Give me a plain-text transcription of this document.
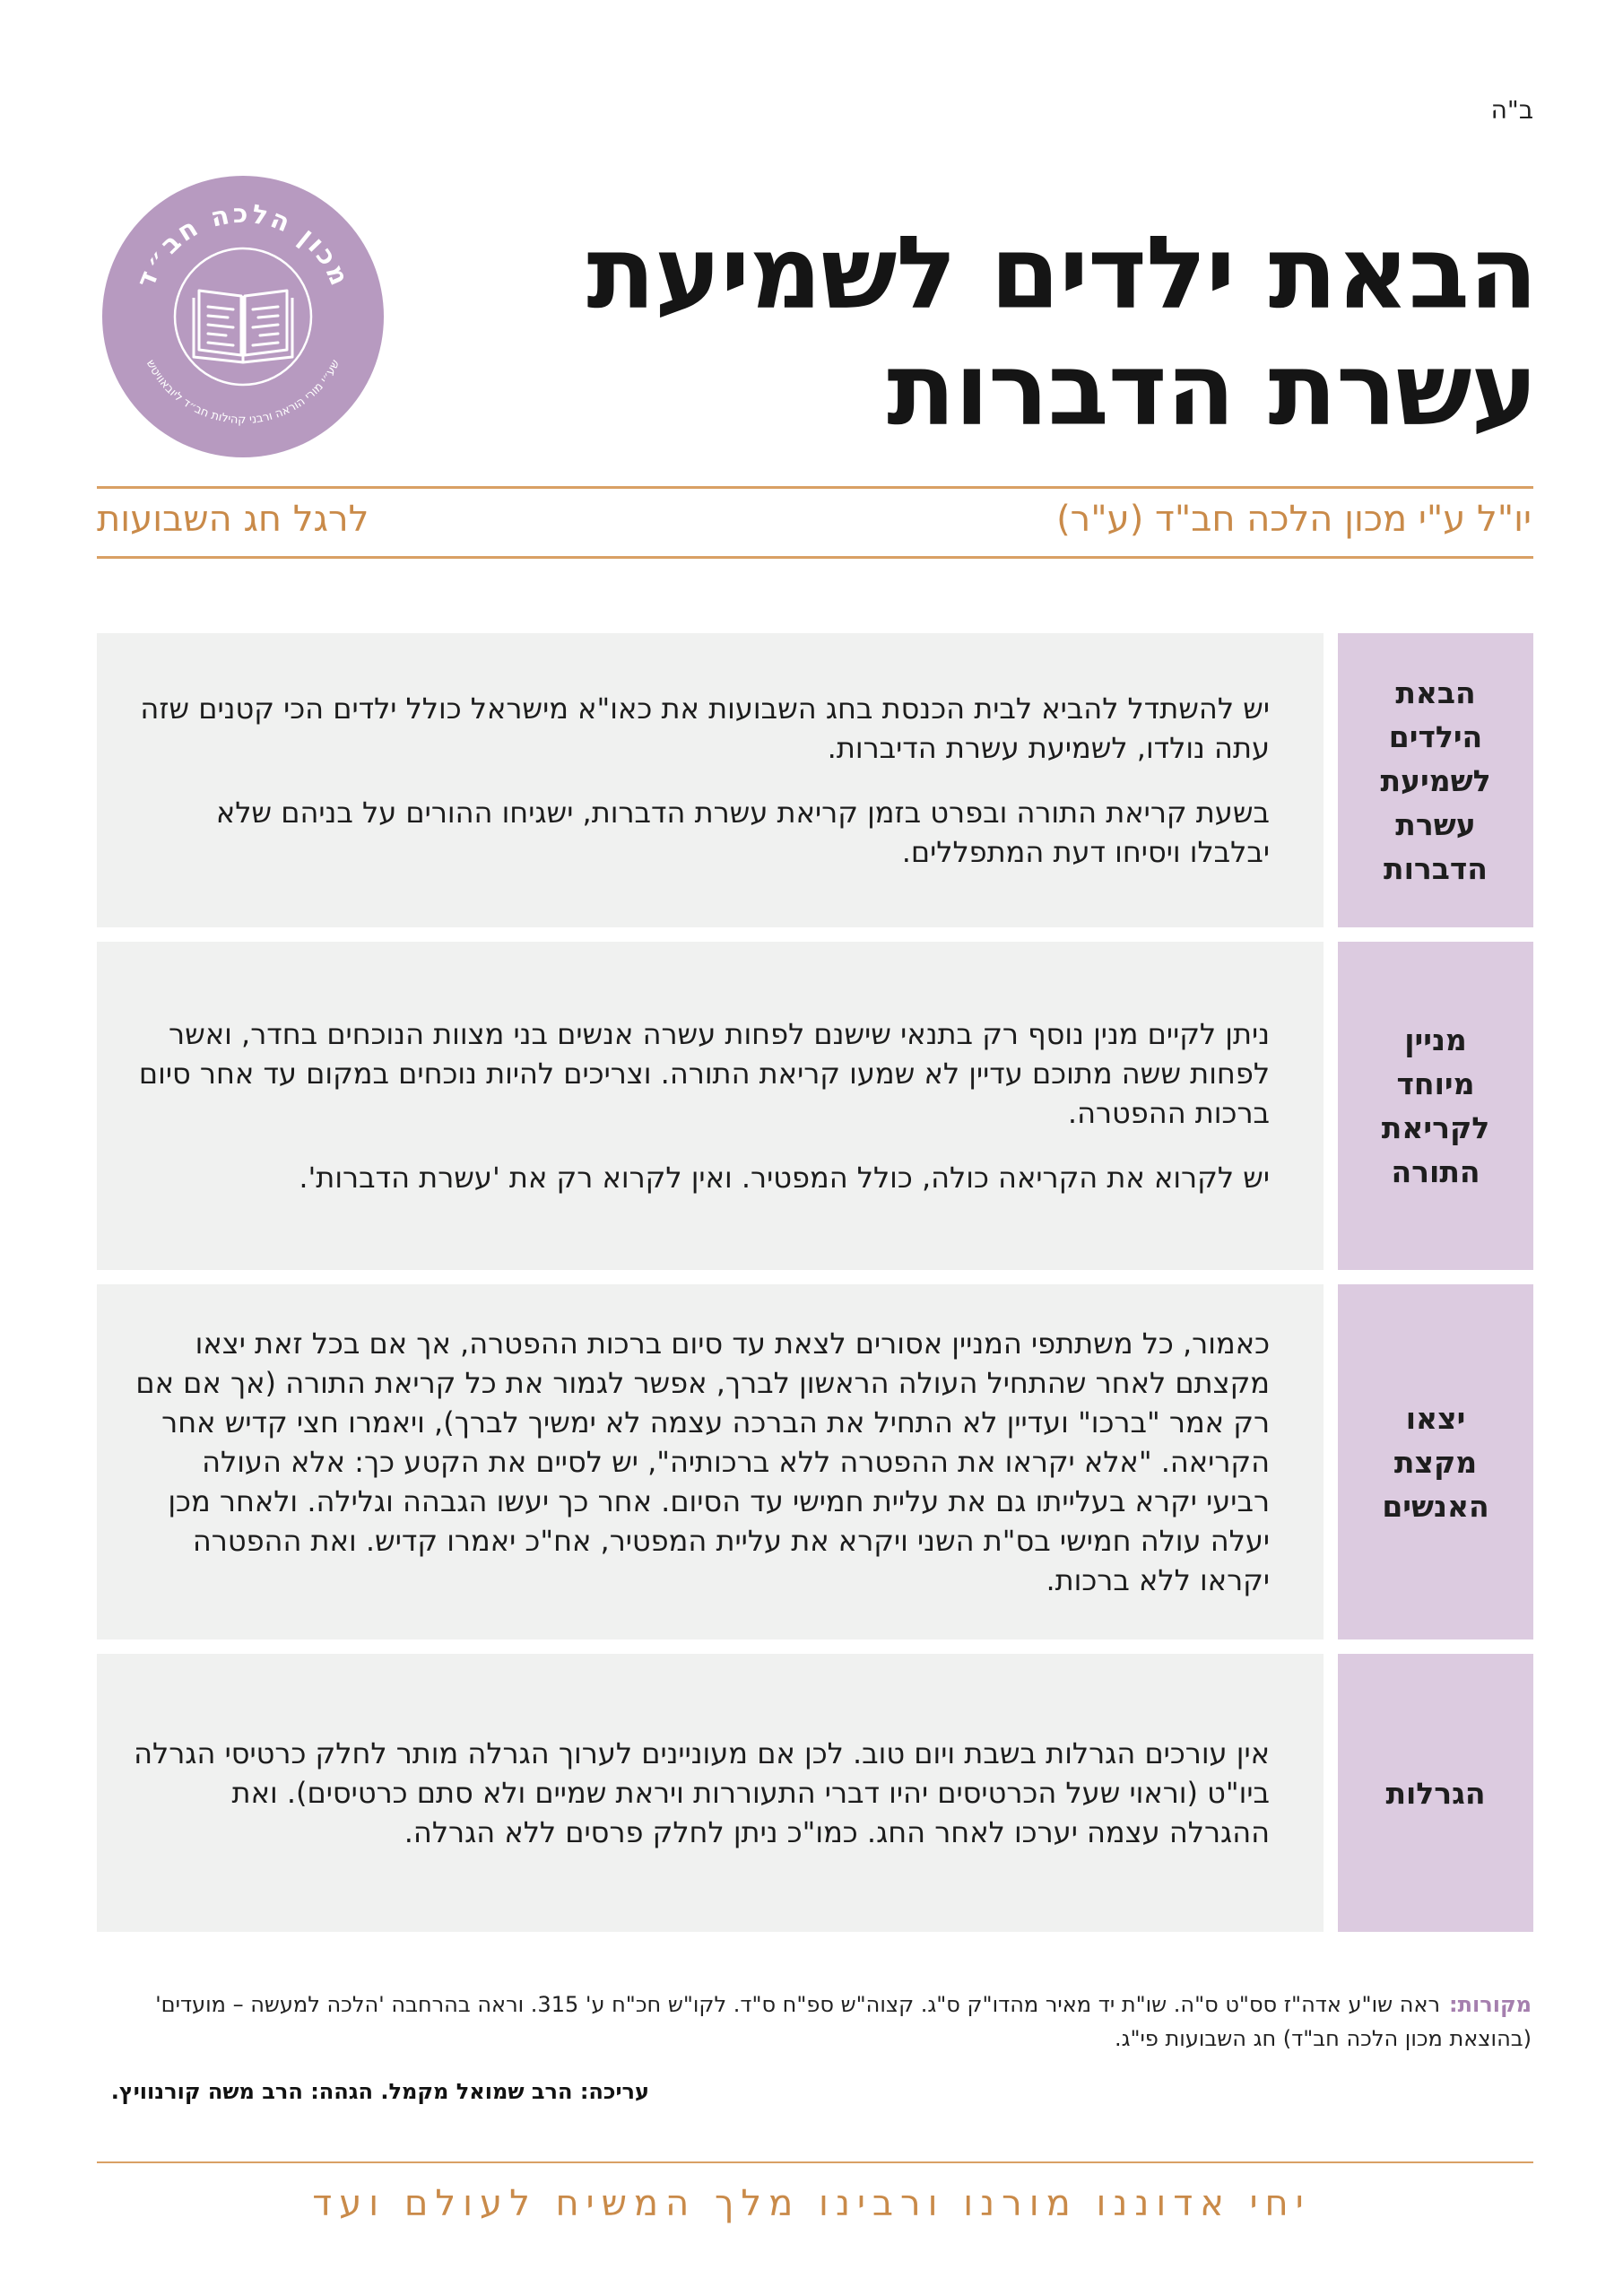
ב"ה
מכון הלכה חב״ד
שע״י מורי הוראה ורבני קהילות חב״ד ליובאוויטש
הבאת ילדים לשמיעת
עשרת הדברות
יו"ל ע"י מכון הלכה חב"ד (ע"ר)
לרגל חג השבועות
הבאת
הילדים
לשמיעת
עשרת
הדברות

יש להשתדל להביא לבית הכנסת בחג השבועות את כאו"א מישראל כולל ילדים הכי קטנים שזה עתה נולדו, לשמיעת עשרת הדיברות.

בשעת קריאת התורה ובפרט בזמן קריאת עשרת הדברות, ישגיחו ההורים על בניהם שלא יבלבלו ויסיחו דעת המתפללים.

מניין
מיוחד
לקריאת
התורה

ניתן לקיים מנין נוסף רק בתנאי שישנם לפחות עשרה אנשים בני מצוות הנוכחים בחדר, ואשר לפחות ששה מתוכם עדיין לא שמעו קריאת התורה. וצריכים להיות נוכחים במקום עד אחר סיום ברכות ההפטרה.

יש לקרוא את הקריאה כולה, כולל המפטיר. ואין לקרוא רק את 'עשרת הדברות'.

יצאו
מקצת
האנשים

כאמור, כל משתתפי המניין אסורים לצאת עד סיום ברכות ההפטרה, אך אם בכל זאת יצאו מקצתם לאחר שהתחיל העולה הראשון לברך, אפשר לגמור את כל קריאת התורה (אך אם אם רק אמר "ברכו" ועדיין לא התחיל את הברכה עצמה לא ימשיך לברך), ויאמרו חצי קדיש אחר הקריאה. "אלא יקראו את ההפטרה ללא ברכותיה", יש לסיים את הקטע כך: אלא העולה רביעי יקרא בעלייתו גם את עליית חמישי עד הסיום. אחר כך יעשו הגבהה וגלילה. ולאחר מכן יעלה עולה חמישי בס"ת השני ויקרא את עליית המפטיר, אח"כ יאמרו קדיש. ואת ההפטרה יקראו ללא ברכות.

הגרלות

אין עורכים הגרלות בשבת ויום טוב. לכן אם מעוניינים לערוך הגרלה מותר לחלק כרטיסי הגרלה ביו"ט (וראוי שעל הכרטיסים יהיו דברי התעוררות ויראת שמיים ולא סתם כרטיסים). ואת ההגרלה עצמה יערכו לאחר החג. כמו"כ ניתן לחלק פרסים ללא הגרלה.

מקורות:ראה שו"ע אדה"ז סס"ט ס"ה. שו"ת יד מאיר מהדו"ק ס"ג. קצוה"ש ספ"ח ס"ד. לקו"ש חכ"ח ע' 315. וראה בהרחבה 'הלכה למעשה – מועדים' (בהוצאת מכון הלכה חב"ד) חג השבועות פי"ג.
עריכה: הרב שמואל מקמל. הגהה: הרב משה קורנוויץ.
יחי אדוננו מורנו ורבינו מלך המשיח לעולם ועד
